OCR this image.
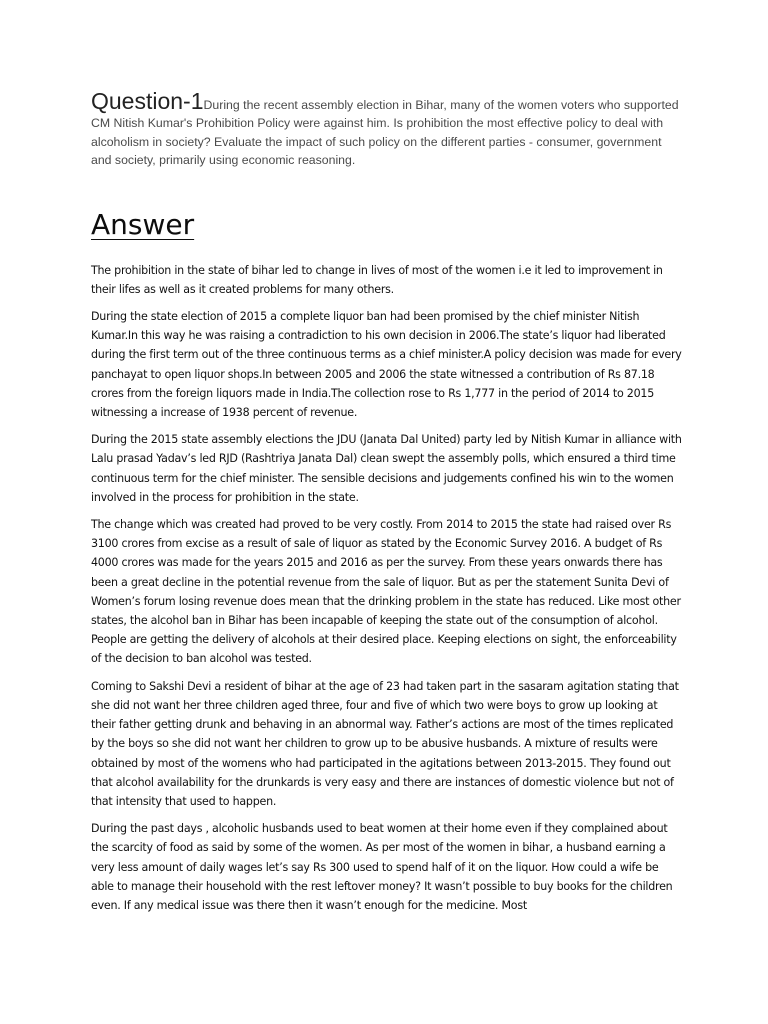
Question-1During the recent assembly election in Bihar, many of the women voters who supported CM Nitish Kumar's Prohibition Policy were against him. Is prohibition the most effective policy to deal with alcoholism in society? Evaluate the impact of such policy on the different parties - consumer, government and society, primarily using economic reasoning.

Answer

The prohibition in the state of bihar led to change in lives of most of the women i.e it led to improvement in their lifes as well as it created problems for many others.

During the state election of 2015 a complete liquor ban had been promised by the chief minister Nitish Kumar.In this way he was raising a contradiction to his own decision in 2006.The state’s liquor had liberated during the first term out of the three continuous terms as a chief minister.A policy decision was made for every panchayat to open liquor shops.In between 2005 and 2006 the state witnessed a contribution of Rs 87.18 crores from the foreign liquors made in India.The collection rose to Rs 1,777 in the period of 2014 to 2015 witnessing a increase of 1938 percent of revenue.

During the 2015 state assembly elections the JDU (Janata Dal United) party led by Nitish Kumar in alliance with Lalu prasad Yadav’s led RJD (Rashtriya Janata Dal) clean swept the assembly polls, which ensured a third time continuous term for the chief minister. The sensible decisions and judgements confined his win to the women involved in the process for prohibition in the state.

The change which was created had proved to be very costly. From 2014 to 2015 the state had raised over Rs 3100 crores from excise as a result of sale of liquor as stated by the Economic Survey 2016. A budget of Rs 4000 crores was made for the years 2015 and 2016 as per the survey. From these years onwards there has been a great decline in the potential revenue from the sale of liquor. But as per the statement Sunita Devi of Women’s forum losing revenue does mean that the drinking problem in the state has reduced. Like most other states, the alcohol ban in Bihar has been incapable of keeping the state out of the consumption of alcohol. People are getting the delivery of alcohols at their desired place. Keeping elections on sight, the enforceability of the decision to ban alcohol was tested.

Coming to Sakshi Devi a resident of bihar at the age of 23 had taken part in the sasaram agitation stating that she did not want her three children aged three, four and five of which two were boys to grow up looking at their father getting drunk and behaving in an abnormal way. Father’s actions are most of the times replicated by the boys so she did not want her children to grow up to be abusive husbands. A mixture of results were obtained by most of the womens who had participated in the agitations between 2013-2015. They found out that alcohol availability for the drunkards is very easy and there are instances of domestic violence but not of that intensity that used to happen.

During the past days , alcoholic husbands used to beat women at their home even if they complained about the scarcity of food as said by some of the women. As per most of the women in bihar, a husband earning a very less amount of daily wages let’s say Rs 300 used to spend half of it on the liquor. How could a wife be able to manage their household with the rest leftover money? It wasn’t possible to buy books for the children even. If any medical issue was there then it wasn’t enough for the medicine. Most
